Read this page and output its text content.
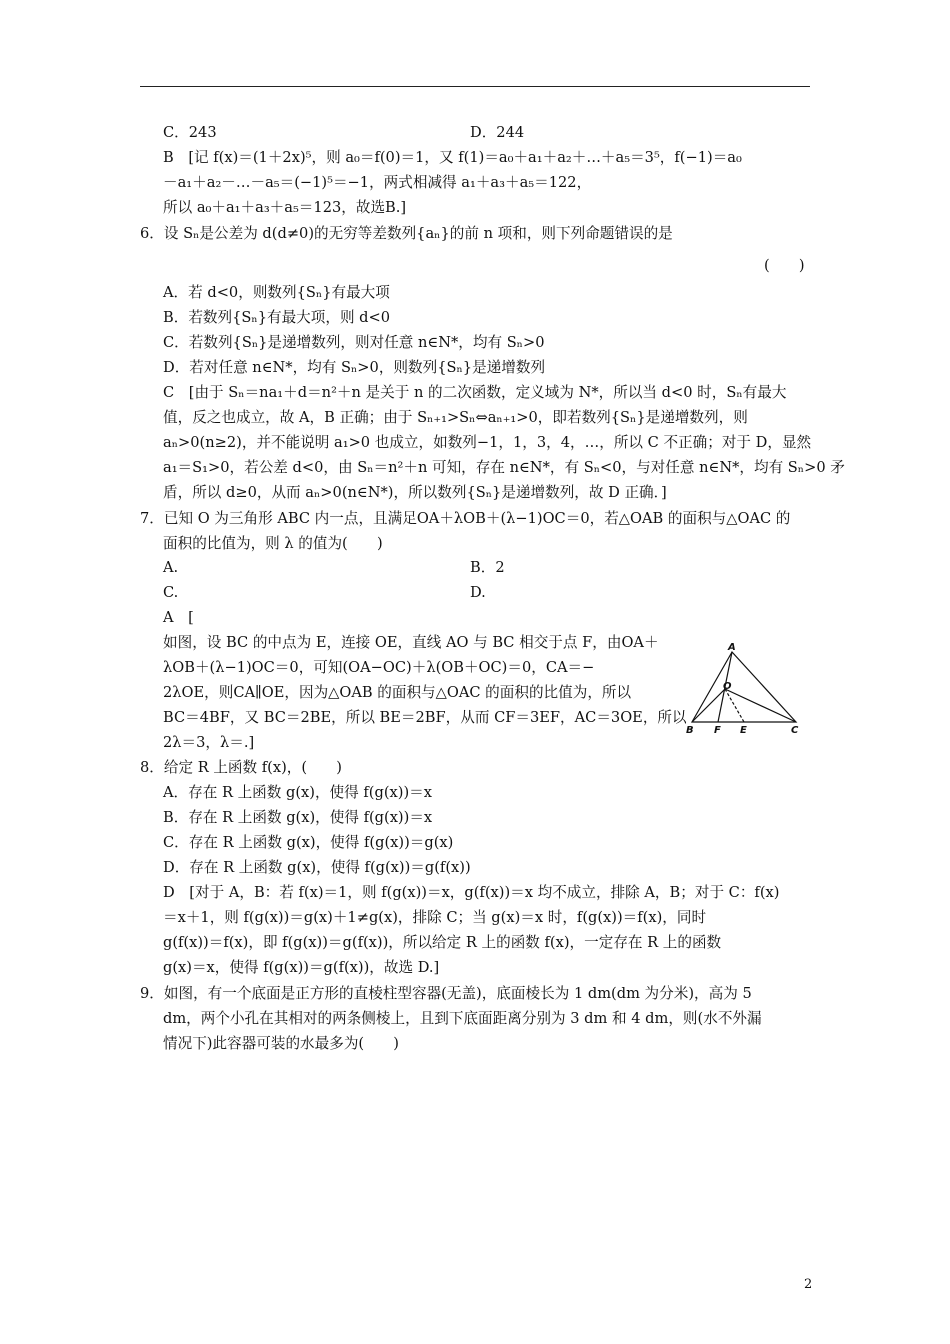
C．243	D．244
B　[记 f(x)＝(1＋2x)⁵，则 a₀＝f(0)＝1，又 f(1)＝a₀＋a₁＋a₂＋…＋a₅＝3⁵，f(−1)＝a₀
－a₁＋a₂－…－a₅＝(−1)⁵＝−1，两式相减得 a₁＋a₃＋a₅＝122，
所以 a₀＋a₁＋a₃＋a₅＝123，故选B.]
6．设 Sₙ是公差为 d(d≠0)的无穷等差数列{aₙ}的前 n 项和，则下列命题错误的是
(　　)
A．若 d<0，则数列{Sₙ}有最大项
B．若数列{Sₙ}有最大项，则 d<0
C．若数列{Sₙ}是递增数列，则对任意 n∈N*，均有 Sₙ>0
D．若对任意 n∈N*，均有 Sₙ>0，则数列{Sₙ}是递增数列
C　[由于 Sₙ＝na₁＋d＝n²＋n 是关于 n 的二次函数，定义域为 N*，所以当 d<0 时，Sₙ有最大
值，反之也成立，故 A，B 正确；由于 Sₙ₊₁>Sₙ⇔aₙ₊₁>0，即若数列{Sₙ}是递增数列，则
aₙ>0(n≥2)，并不能说明 a₁>0 也成立，如数列−1，1，3，4，…，所以 C 不正确；对于 D，显然
a₁＝S₁>0，若公差 d<0，由 Sₙ＝n²＋n 可知，存在 n∈N*，有 Sₙ<0，与对任意 n∈N*，均有 Sₙ>0 矛
盾，所以 d≥0，从而 aₙ>0(n∈N*)，所以数列{Sₙ}是递增数列，故 D 正确．]
7．已知 O 为三角形 ABC 内一点，且满足OA＋λOB＋(λ−1)OC＝0，若△OAB 的面积与△OAC 的
面积的比值为，则 λ 的值为(　　)
A.	B．2
C.	D.
A　[
如图，设 BC 的中点为 E，连接 OE，直线 AO 与 BC 相交于点 F，由OA＋
λOB＋(λ−1)OC＝0，可知(OA−OC)＋λ(OB＋OC)＝0，CA＝−
2λOE，则CA∥OE，因为△OAB 的面积与△OAC 的面积的比值为，所以
BC＝4BF，又 BC＝2BE，所以 BE＝2BF，从而 CF＝3EF，AC＝3OE，所以
2λ＝3，λ＝.]
8．给定 R 上函数 f(x)，(　　)
A．存在 R 上函数 g(x)，使得 f(g(x))＝x
B．存在 R 上函数 g(x)，使得 f(g(x))＝x
C．存在 R 上函数 g(x)，使得 f(g(x))＝g(x)
D．存在 R 上函数 g(x)，使得 f(g(x))＝g(f(x))
D　[对于 A，B：若 f(x)＝1，则 f(g(x))＝x，g(f(x))＝x 均不成立，排除 A，B；对于 C：f(x)
＝x＋1，则 f(g(x))＝g(x)＋1≠g(x)，排除 C；当 g(x)＝x 时，f(g(x))＝f(x)，同时
g(f(x))＝f(x)，即 f(g(x))＝g(f(x))，所以给定 R 上的函数 f(x)，一定存在 R 上的函数
g(x)＝x，使得 f(g(x))＝g(f(x))，故选 D.]
9．如图，有一个底面是正方形的直棱柱型容器(无盖)，底面棱长为 1 dm(dm 为分米)，高为 5
dm，两个小孔在其相对的两条侧棱上，且到下底面距离分别为 3 dm 和 4 dm，则(水不外漏
情况下)此容器可装的水最多为(　　)
A
O
B F E	C
2
